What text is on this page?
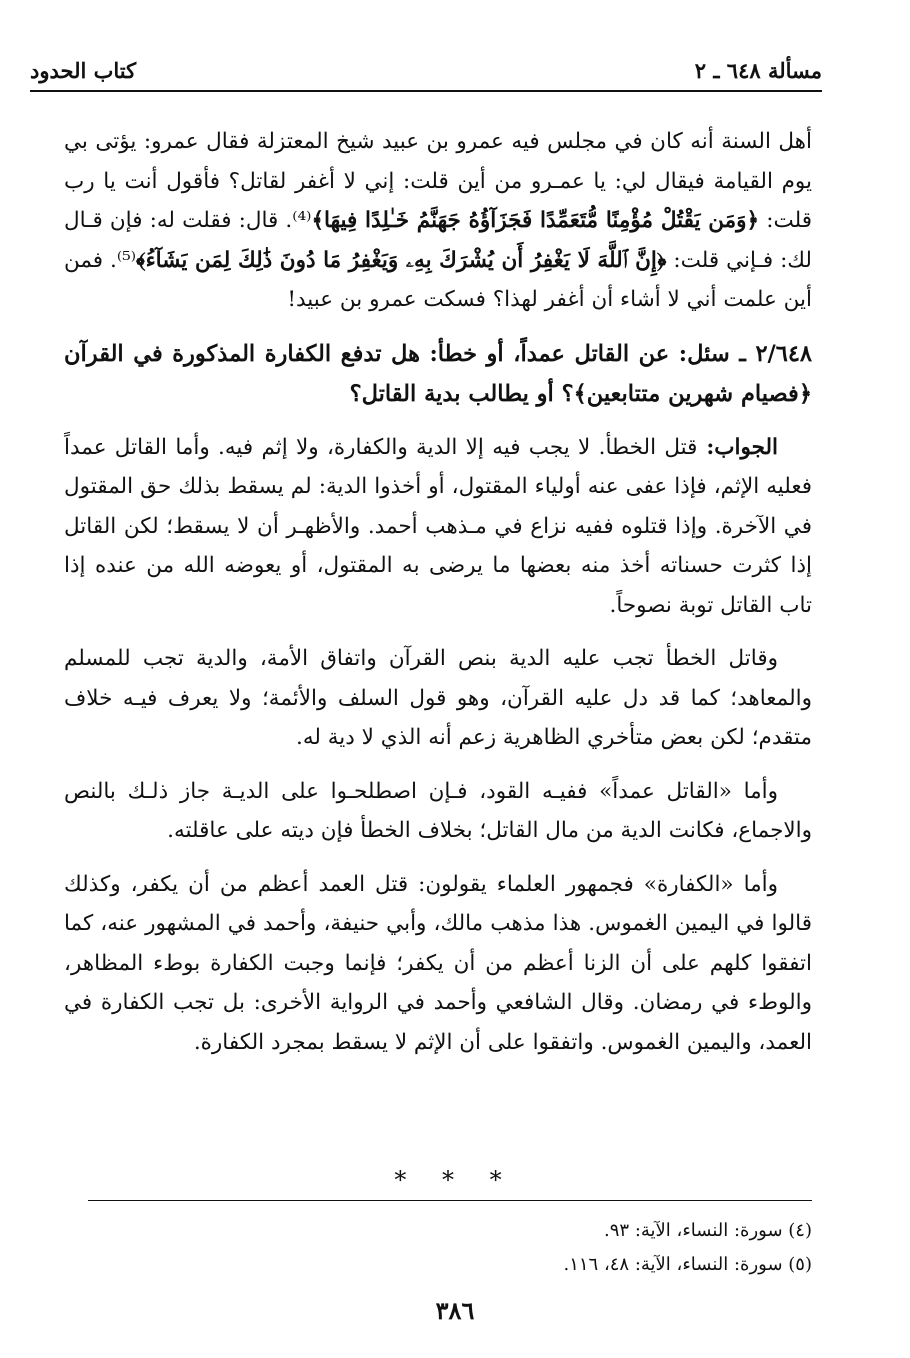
مسألة ٦٤٨ ـ ٢
كتاب الحدود

أهل السنة أنه كان في مجلس فيه عمرو بن عبيد شيخ المعتزلة فقال عمرو: يؤتى بي يوم القيامة فيقال لي: يا عمـرو من أين قلت: إني لا أغفر لقاتل؟ فأقول أنت يا رب قلت: ﴿وَمَن يَقْتُلْ مُؤْمِنًا مُّتَعَمِّدًا فَجَزَآؤُهُ جَهَنَّمُ خَـٰلِدًا فِيهَا﴾⁽⁴⁾. قال: فقلت له: فإن قـال لك: فـإني قلت: ﴿إِنَّ ٱللَّهَ لَا يَغْفِرُ أَن يُشْرَكَ بِهِۦ وَيَغْفِرُ مَا دُونَ ذَٰلِكَ لِمَن يَشَآءُ﴾⁽⁵⁾. فمن أين علمت أني لا أشاء أن أغفر لهذا؟ فسكت عمرو بن عبيد!

٢/٦٤٨ ـ سئل: عن القاتل عمداً، أو خطأ: هل تدفع الكفارة المذكورة في القرآن ﴿فصيام شهرين متتابعين﴾؟ أو يطالب بدية القاتل؟

الجواب: قتل الخطأ. لا يجب فيه إلا الدية والكفارة، ولا إثم فيه. وأما القاتل عمداً فعليه الإثم، فإذا عفى عنه أولياء المقتول، أو أخذوا الدية: لم يسقط بذلك حق المقتول في الآخرة. وإذا قتلوه ففيه نزاع في مـذهب أحمد. والأظهـر أن لا يسقط؛ لكن القاتل إذا كثرت حسناته أخذ منه بعضها ما يرضى به المقتول، أو يعوضه الله من عنده إذا تاب القاتل توبة نصوحاً.

وقاتل الخطأ تجب عليه الدية بنص القرآن واتفاق الأمة، والدية تجب للمسلم والمعاهد؛ كما قد دل عليه القرآن، وهو قول السلف والأئمة؛ ولا يعرف فيـه خلاف متقدم؛ لكن بعض متأخري الظاهرية زعم أنه الذي لا دية له.

وأما «القاتل عمداً» ففيـه القود، فـإن اصطلحـوا على الديـة جاز ذلـك بالنص والاجماع، فكانت الدية من مال القاتل؛ بخلاف الخطأ فإن ديته على عاقلته.

وأما «الكفارة» فجمهور العلماء يقولون: قتل العمد أعظم من أن يكفر، وكذلك قالوا في اليمين الغموس. هذا مذهب مالك، وأبي حنيفة، وأحمد في المشهور عنه، كما اتفقوا كلهم على أن الزنا أعظم من أن يكفر؛ فإنما وجبت الكفارة بوطء المظاهر، والوطء في رمضان. وقال الشافعي وأحمد في الرواية الأخرى: بل تجب الكفارة في العمد، واليمين الغموس. واتفقوا على أن الإثم لا يسقط بمجرد الكفارة.

* * *

(٤) سورة: النساء، الآية: ٩٣.

(٥) سورة: النساء، الآية: ٤٨، ١١٦.

٣٨٦
